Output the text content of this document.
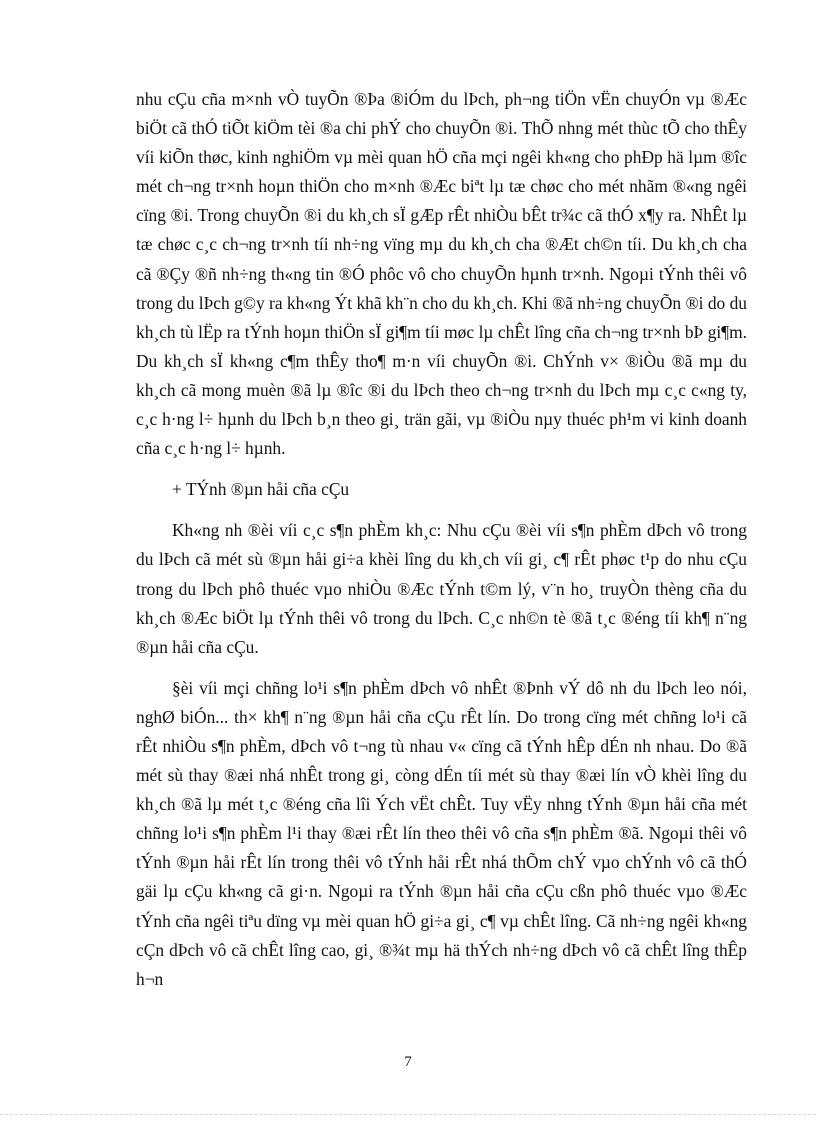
nhu cÇu cña m×nh vÒ tuyÕn ®Þa ®iÓm du lÞch, ph¬ng tiÖn vËn chuyÓn vµ ®Æc biÖt cã thÓ tiÕt kiÖm tèi ®a chi phÝ cho chuyÕn ®i. ThÕ nhng mét thùc tÕ cho thÊy víi kiÕn thøc, kinh nghiÖm vµ mèi quan hÖ cña mçi ngêi kh«ng cho phÐp hä lµm ®îc mét ch¬ng tr×nh hoµn thiÖn cho m×nh ®Æc biªt lµ tæ chøc cho mét nhãm ®«ng ngêi cïng ®i. Trong chuyÕn ®i du kh¸ch sÏ gÆp rÊt nhiÒu bÊt tr¾c cã thÓ x¶y ra. NhÊt lµ tæ chøc c¸c ch¬ng tr×nh tíi nh÷ng vïng mµ du kh¸ch cha ®Æt ch©n tíi. Du kh¸ch cha cã ®Çy ®ñ nh÷ng th«ng tin ®Ó phôc vô cho chuyÕn hµnh tr×nh. Ngoµi tÝnh thêi vô trong du lÞch g©y ra kh«ng Ýt khã kh¨n cho du kh¸ch. Khi ®ã nh÷ng chuyÕn ®i do du kh¸ch tù lËp ra tÝnh hoµn thiÖn sÏ gi¶m tíi møc lµ chÊt lîng cña ch¬ng tr×nh bÞ gi¶m. Du kh¸ch sÏ kh«ng c¶m thÊy tho¶ m·n víi chuyÕn ®i. ChÝnh v× ®iÒu ®ã mµ du kh¸ch cã mong muèn ®ã lµ ®îc ®i du lÞch theo ch¬ng tr×nh du lÞch mµ c¸c c«ng ty, c¸c h·ng l÷ hµnh du lÞch b¸n theo gi¸ trän gãi, vµ ®iÒu nµy thuéc ph¹m vi kinh doanh cña c¸c h·ng l÷ hµnh.

+ TÝnh ®µn håi cña cÇu

Kh«ng nh ®èi víi c¸c s¶n phÈm kh¸c: Nhu cÇu ®èi víi s¶n phÈm dÞch vô trong du lÞch cã mét sù ®µn håi gi÷a khèi lîng du kh¸ch víi gi¸ c¶ rÊt phøc t¹p do nhu cÇu trong du lÞch phô thuéc vµo nhiÒu ®Æc tÝnh t©m lý, v¨n ho¸ truyÒn thèng cña du kh¸ch ®Æc biÖt lµ tÝnh thêi vô trong du lÞch. C¸c nh©n tè ®ã t¸c ®éng tíi kh¶ n¨ng ®µn håi cña cÇu.

§èi víi mçi chñng lo¹i s¶n phÈm dÞch vô nhÊt ®Þnh vÝ dô nh du lÞch leo nói, nghØ biÓn... th× kh¶ n¨ng ®µn håi cña cÇu rÊt lín. Do trong cïng mét chñng lo¹i cã rÊt nhiÒu s¶n phÈm, dÞch vô t¬ng tù nhau v« cïng cã tÝnh hÊp dÉn nh nhau. Do ®ã mét sù thay ®æi nhá nhÊt trong gi¸ còng dÉn tíi mét sù thay ®æi lín vÒ khèi lîng du kh¸ch ®ã lµ mét t¸c ®éng cña lîi Ých vËt chÊt. Tuy vËy nhng tÝnh ®µn håi cña mét chñng lo¹i s¶n phÈm l¹i thay ®æi rÊt lín theo thêi vô cña s¶n phÈm ®ã. Ngoµi thêi vô tÝnh ®µn håi rÊt lín trong thêi vô tÝnh håi rÊt nhá thÕm chÝ vµo chÝnh vô cã thÓ gäi lµ cÇu kh«ng cã gi·n. Ngoµi ra tÝnh ®µn håi cña cÇu cßn phô thuéc vµo ®Æc tÝnh cña ngêi tiªu dïng vµ mèi quan hÖ gi÷a gi¸ c¶ vµ chÊt lîng. Cã nh÷ng ngêi kh«ng cÇn dÞch vô cã chÊt lîng cao, gi¸ ®¾t mµ hä thÝch nh÷ng dÞch vô cã chÊt lîng thÊp h¬n

7
